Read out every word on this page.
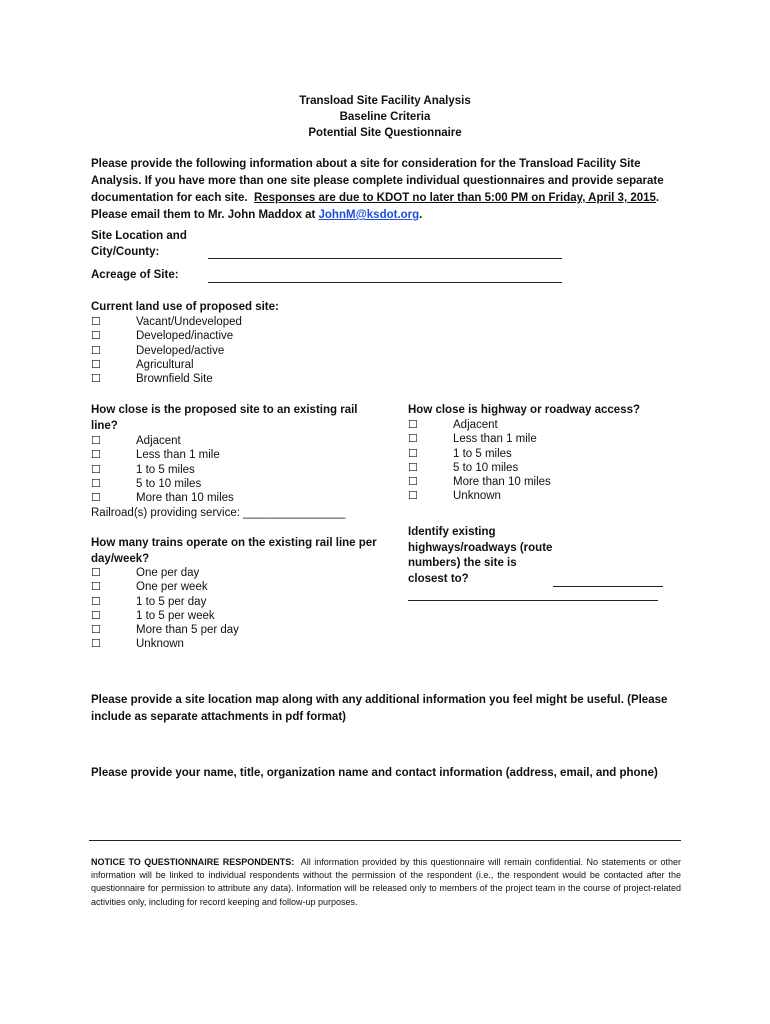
Transload Site Facility Analysis
Baseline Criteria
Potential Site Questionnaire
Please provide the following information about a site for consideration for the Transload Facility Site Analysis. If you have more than one site please complete individual questionnaires and provide separate documentation for each site. Responses are due to KDOT no later than 5:00 PM on Friday, April 3, 2015. Please email them to Mr. John Maddox at JohnM@ksdot.org.
Site Location and
City/County:
Acreage of Site:
Current land use of proposed site:
☐	Vacant/Undeveloped
☐	Developed/inactive
☐	Developed/active
☐	Agricultural
☐	Brownfield Site
How close is the proposed site to an existing rail line?
☐	Adjacent
☐	Less than 1 mile
☐	1 to 5 miles
☐	5 to 10 miles
☐	More than 10 miles
Railroad(s) providing service: ________________
How close is highway or roadway access?
☐	Adjacent
☐	Less than 1 mile
☐	1 to 5 miles
☐	5 to 10 miles
☐	More than 10 miles
☐	Unknown
Identify existing highways/roadways (route numbers) the site is closest to?
How many trains operate on the existing rail line per day/week?
☐	One per day
☐	One per week
☐	1 to 5 per day
☐	1 to 5 per week
☐	More than 5 per day
☐	Unknown
Please provide a site location map along with any additional information you feel might be useful. (Please include as separate attachments in pdf format)
Please provide your name, title, organization name and contact information (address, email, and phone)
NOTICE TO QUESTIONNAIRE RESPONDENTS: All information provided by this questionnaire will remain confidential. No statements or other information will be linked to individual respondents without the permission of the respondent (i.e., the respondent would be contacted after the questionnaire for permission to attribute any data). Information will be released only to members of the project team in the course of project-related activities only, including for record keeping and follow-up purposes.
